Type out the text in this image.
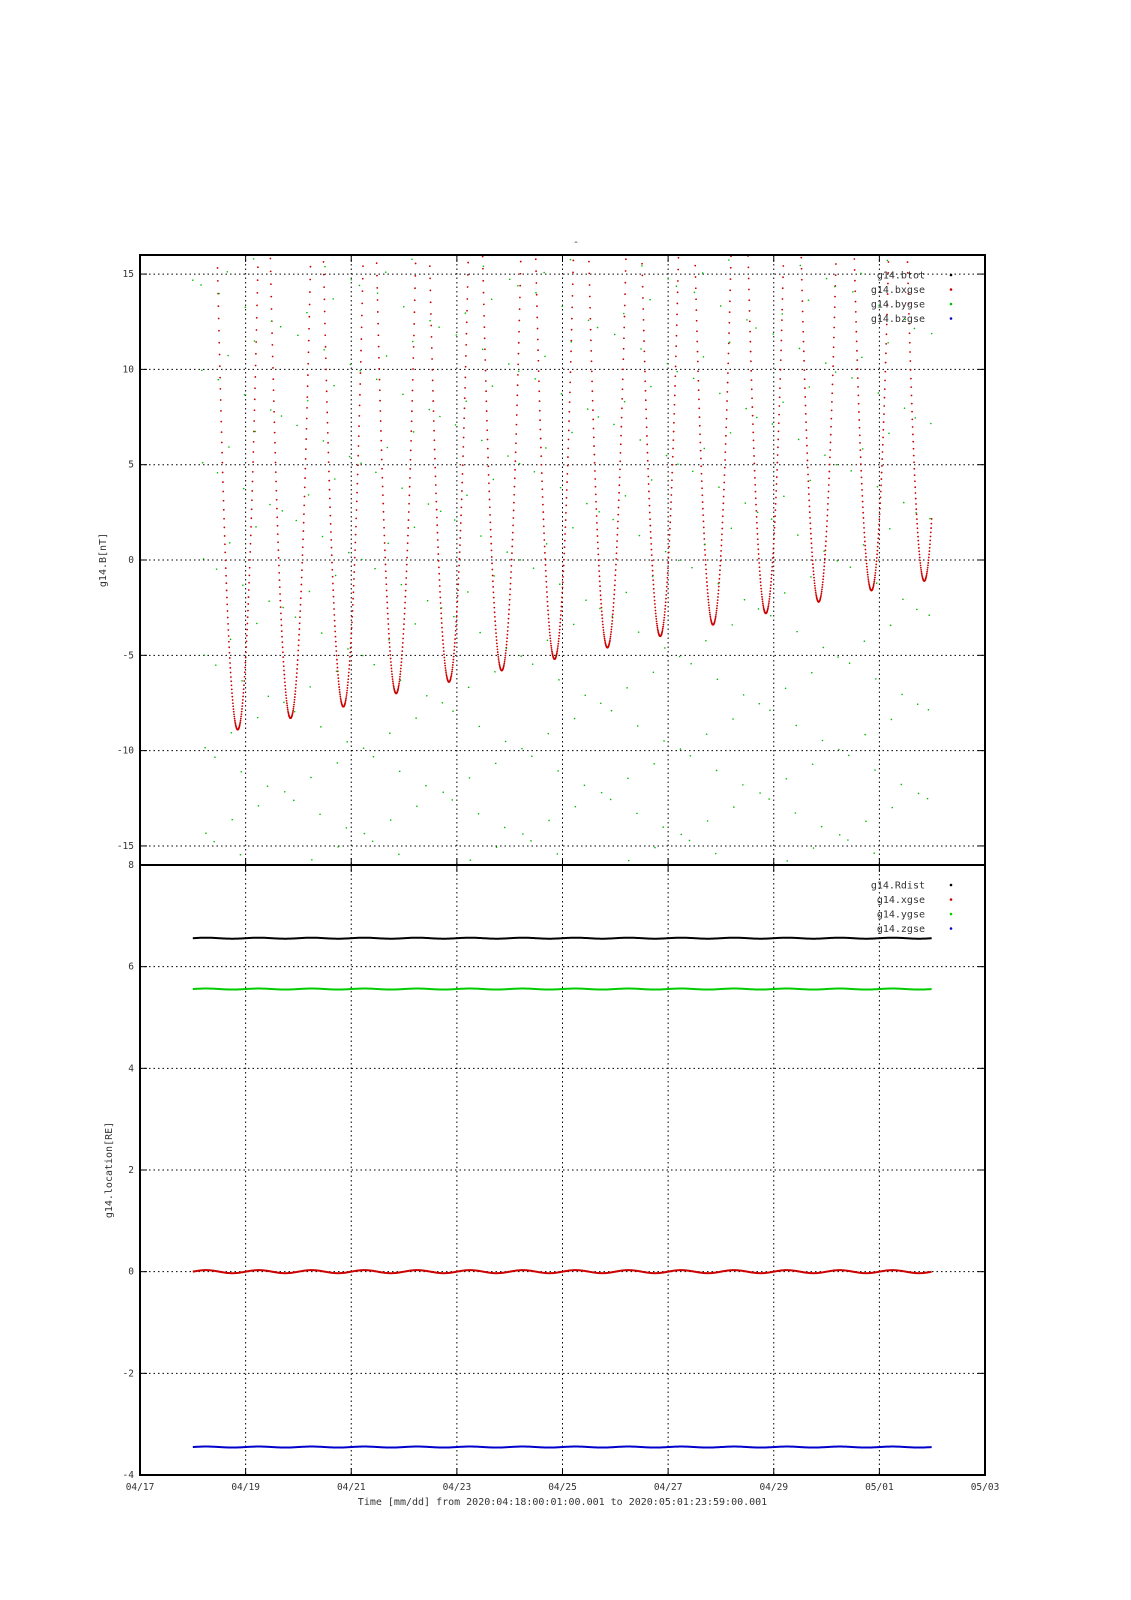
-
-15
-10
-5
0
5
10
15	g14.btot
g14.bxgse
g14.bygse
g14.bzgse
g14.B[nT]
-4
-2
0
2
4
6
8
g14.Rdist
g14.xgse
g14.ygse
g14.zgse
g14.location[RE]
04/17	04/19	04/21	04/23	04/25	04/27	04/29	05/01	05/03
Time [mm/dd] from 2020:04:18:00:01:00.001 to 2020:05:01:23:59:00.001
